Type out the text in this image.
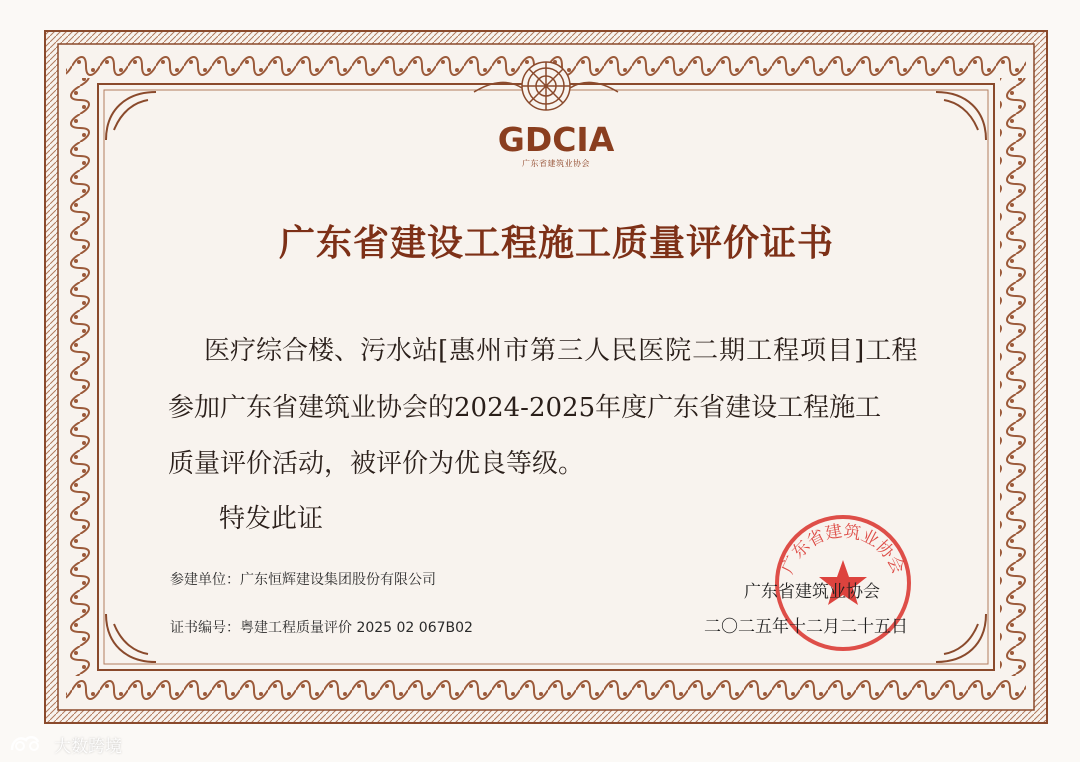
GDCIA
广东省建筑业协会
广东省建设工程施工质量评价证书

医疗综合楼、污水站[惠州市第三人民医院二期工程项目]工程

参加广东省建筑业协会的2024-2025年度广东省建设工程施工

质量评价活动，被评价为优良等级。

特发此证

参建单位：广东恒辉建设集团股份有限公司
证书编号：粤建工程质量评价 2025 02 067B02
广东省建筑业协会
广东省建筑业协会
二〇二五年十二月二十五日
大数跨境
